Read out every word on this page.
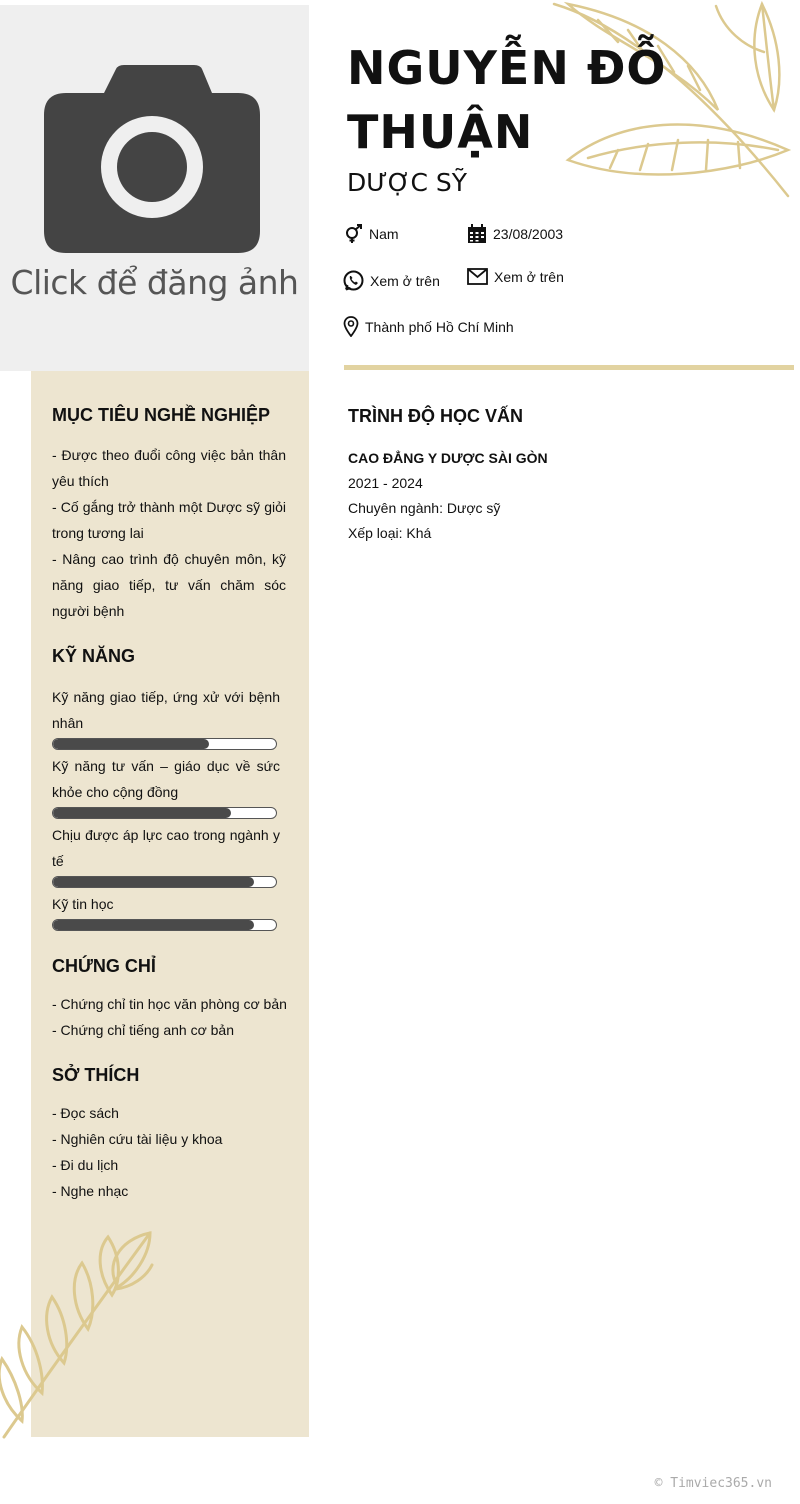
Click để đăng ảnh
MỤC TIÊU NGHỀ NGHIỆP
- Được theo đuổi công việc bản thân yêu thích
- Cố gắng trở thành một Dược sỹ giỏi trong tương lai
- Nâng cao trình độ chuyên môn, kỹ năng giao tiếp, tư vấn chăm sóc người bệnh
KỸ NĂNG
Kỹ năng giao tiếp, ứng xử với bệnh nhân
Kỹ năng tư vấn – giáo dục về sức khỏe cho cộng đồng
Chịu được áp lực cao trong ngành y tế
Kỹ tin học
CHỨNG CHỈ
- Chứng chỉ tin học văn phòng cơ bản
- Chứng chỉ tiếng anh cơ bản
SỞ THÍCH
- Đọc sách
- Nghiên cứu tài liệu y khoa
- Đi du lịch
- Nghe nhạc
NGUYỄN ĐỖ THUẬN
DƯỢC SỸ
Nam	23/08/2003
Xem ở trên	Xem ở trên
Thành phố Hồ Chí Minh
TRÌNH ĐỘ HỌC VẤN
CAO ĐẲNG Y DƯỢC SÀI GÒN
2021 - 2024
Chuyên ngành: Dược sỹ
Xếp loại: Khá
© Timviec365.vn
